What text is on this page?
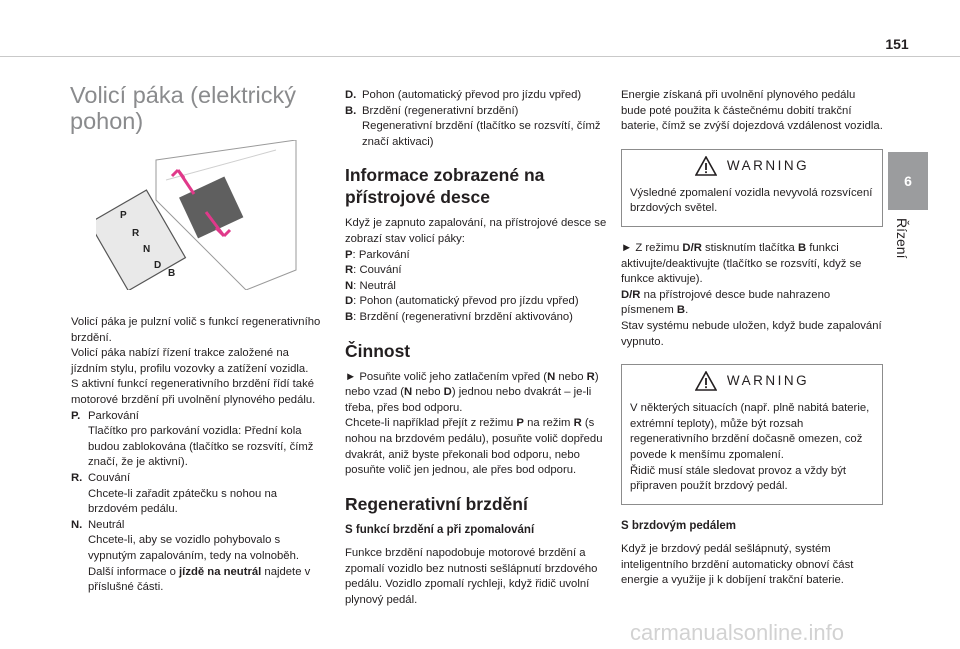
151
6
Řízení
Volicí páka (elektrický pohon)
P
R
N
D
B

Volicí páka je pulzní volič s funkcí regenerativního brzdění.

Volicí páka nabízí řízení trakce založené na jízdním stylu, profilu vozovky a zatížení vozidla.

S aktivní funkcí regenerativního brzdění řídí také motorové brzdění při uvolnění plynového pedálu.

P. Parkování
Tlačítko pro parkování vozidla: Přední kola budou zablokována (tlačítko se rozsvítí, čímž značí, že je aktivní).
R. Couvání
Chcete-li zařadit zpátečku s nohou na brzdovém pedálu.
N. Neutrál
Chcete-li, aby se vozidlo pohybovalo s vypnutým zapalováním, tedy na volnoběh.
Další informace o jízdě na neutrál najdete v příslušné části.
D. Pohon (automatický převod pro jízdu vpřed)
B. Brzdění (regenerativní brzdění)
Regenerativní brzdění (tlačítko se rozsvítí, čímž značí aktivaci)
Informace zobrazené na přístrojové desce

Když je zapnuto zapalování, na přístrojové desce se zobrazí stav volicí páky:

P: Parkování

R: Couvání

N: Neutrál

D: Pohon (automatický převod pro jízdu vpřed)

B: Brzdění (regenerativní brzdění aktivováno)

Činnost

► Posuňte volič jeho zatlačením vpřed (N nebo R) nebo vzad (N nebo D) jednou nebo dvakrát – je-li třeba, přes bod odporu.

Chcete-li například přejít z režimu P na režim R (s nohou na brzdovém pedálu), posuňte volič dopředu dvakrát, aniž byste překonali bod odporu, nebo posuňte volič jen jednou, ale přes bod odporu.

Regenerativní brzdění
S funkcí brzdění a při zpomalování

Funkce brzdění napodobuje motorové brzdění a zpomalí vozidlo bez nutnosti sešlápnutí brzdového pedálu. Vozidlo zpomalí rychleji, když řidič uvolní plynový pedál.

Energie získaná při uvolnění plynového pedálu bude poté použita k částečnému dobití trakční baterie, čímž se zvýší dojezdová vzdálenost vozidla.

WARNING

Výsledné zpomalení vozidla nevyvolá rozsvícení brzdových světel.

► Z režimu D/R stisknutím tlačítka B funkci aktivujte/deaktivujte (tlačítko se rozsvítí, když se funkce aktivuje).

D/R na přístrojové desce bude nahrazeno písmenem B.

Stav systému nebude uložen, když bude zapalování vypnuto.

WARNING

V některých situacích (např. plně nabitá baterie, extrémní teploty), může být rozsah regenerativního brzdění dočasně omezen, což povede k menšímu zpomalení.

Řidič musí stále sledovat provoz a vždy být připraven použít brzdový pedál.

S brzdovým pedálem

Když je brzdový pedál sešlápnutý, systém inteligentního brzdění automaticky obnoví část energie a využije ji k dobíjení trakční baterie.

carmanualsonline.info
